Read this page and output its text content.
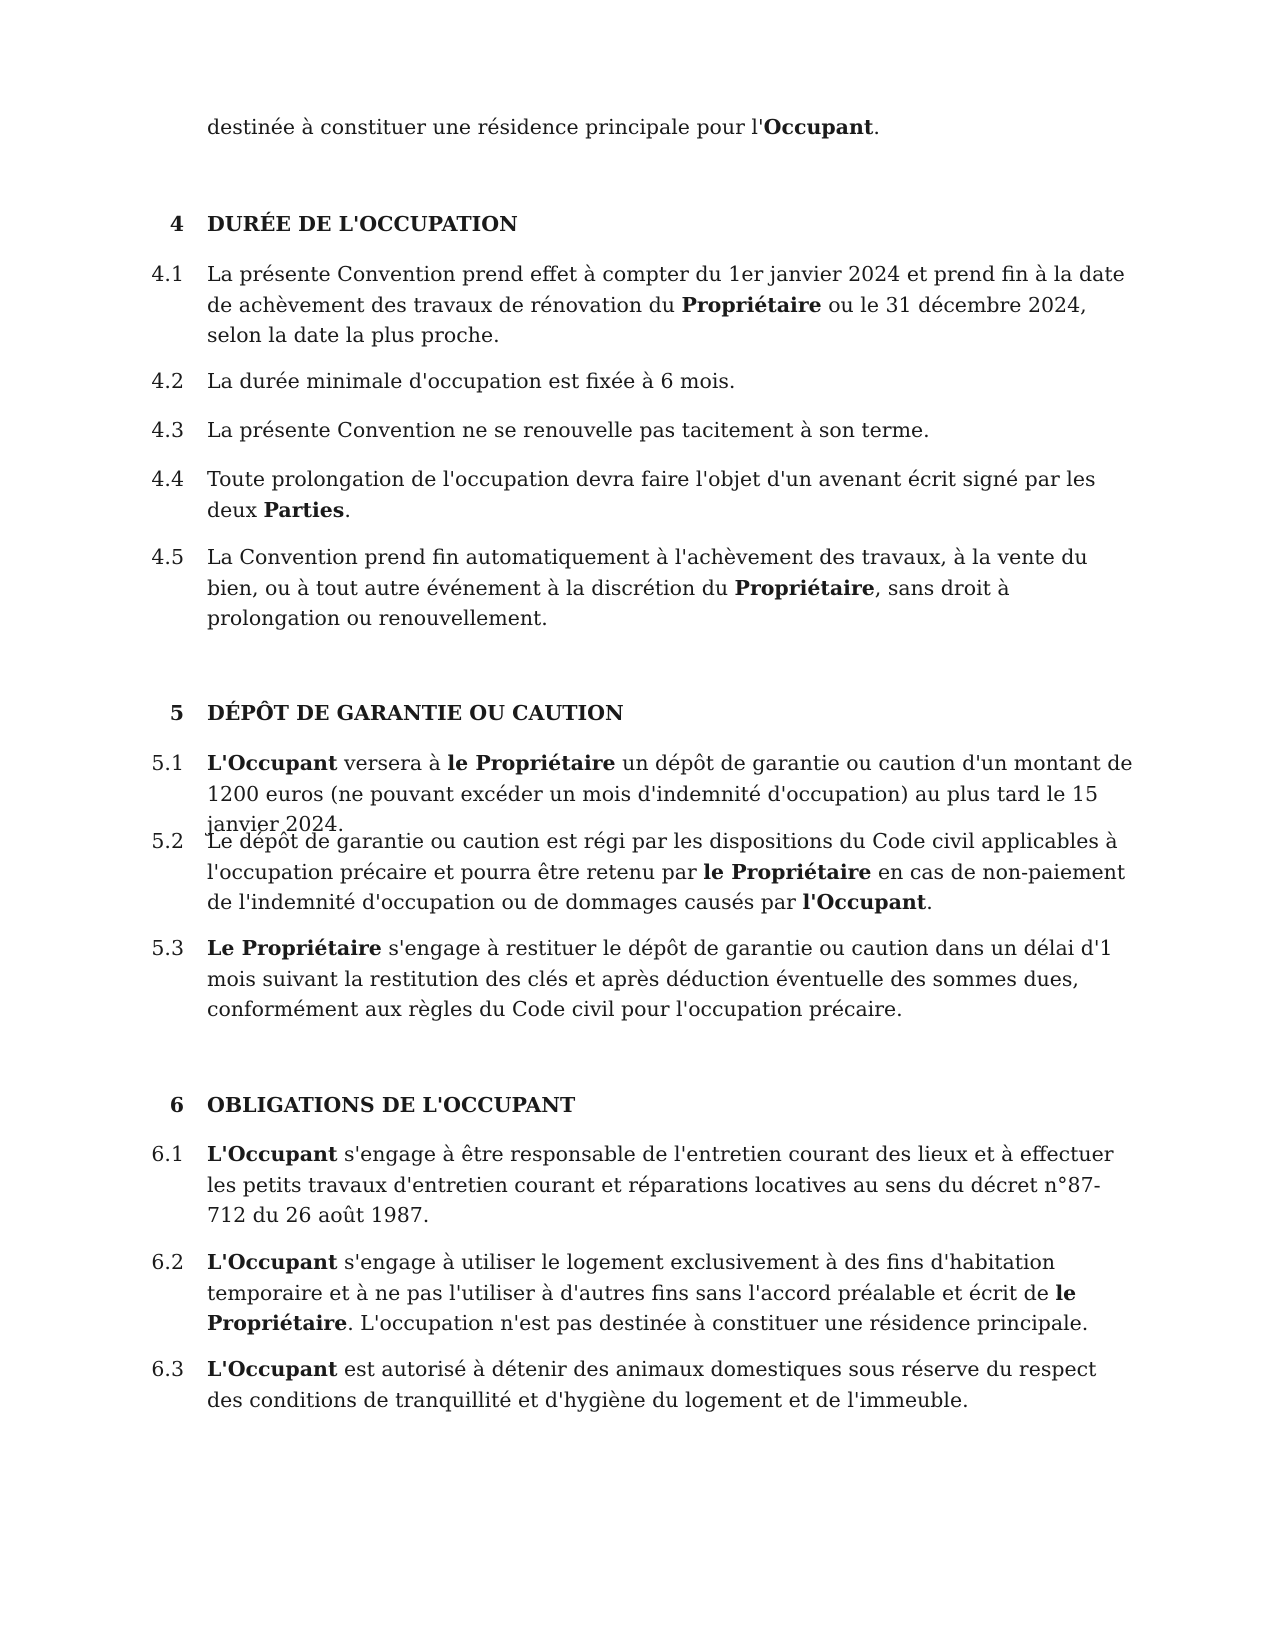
destinée à constituer une résidence principale pour l'Occupant.
4 DURÉE DE L'OCCUPATION
4.1 La présente Convention prend effet à compter du 1er janvier 2024 et prend fin à la date de achèvement des travaux de rénovation du Propriétaire ou le 31 décembre 2024, selon la date la plus proche.
4.2 La durée minimale d'occupation est fixée à 6 mois.
4.3 La présente Convention ne se renouvelle pas tacitement à son terme.
4.4 Toute prolongation de l'occupation devra faire l'objet d'un avenant écrit signé par les deux Parties.
4.5 La Convention prend fin automatiquement à l'achèvement des travaux, à la vente du bien, ou à tout autre événement à la discrétion du Propriétaire, sans droit à prolongation ou renouvellement.
5 DÉPÔT DE GARANTIE OU CAUTION
5.1 L'Occupant versera à le Propriétaire un dépôt de garantie ou caution d'un montant de 1200 euros (ne pouvant excéder un mois d'indemnité d'occupation) au plus tard le 15 janvier 2024.
5.2 Le dépôt de garantie ou caution est régi par les dispositions du Code civil applicables à l'occupation précaire et pourra être retenu par le Propriétaire en cas de non-paiement de l'indemnité d'occupation ou de dommages causés par l'Occupant.
5.3 Le Propriétaire s'engage à restituer le dépôt de garantie ou caution dans un délai d'1 mois suivant la restitution des clés et après déduction éventuelle des sommes dues, conformément aux règles du Code civil pour l'occupation précaire.
6 OBLIGATIONS DE L'OCCUPANT
6.1 L'Occupant s'engage à être responsable de l'entretien courant des lieux et à effectuer les petits travaux d'entretien courant et réparations locatives au sens du décret n°87-712 du 26 août 1987.
6.2 L'Occupant s'engage à utiliser le logement exclusivement à des fins d'habitation temporaire et à ne pas l'utiliser à d'autres fins sans l'accord préalable et écrit de le Propriétaire. L'occupation n'est pas destinée à constituer une résidence principale.
6.3 L'Occupant est autorisé à détenir des animaux domestiques sous réserve du respect des conditions de tranquillité et d'hygiène du logement et de l'immeuble.
